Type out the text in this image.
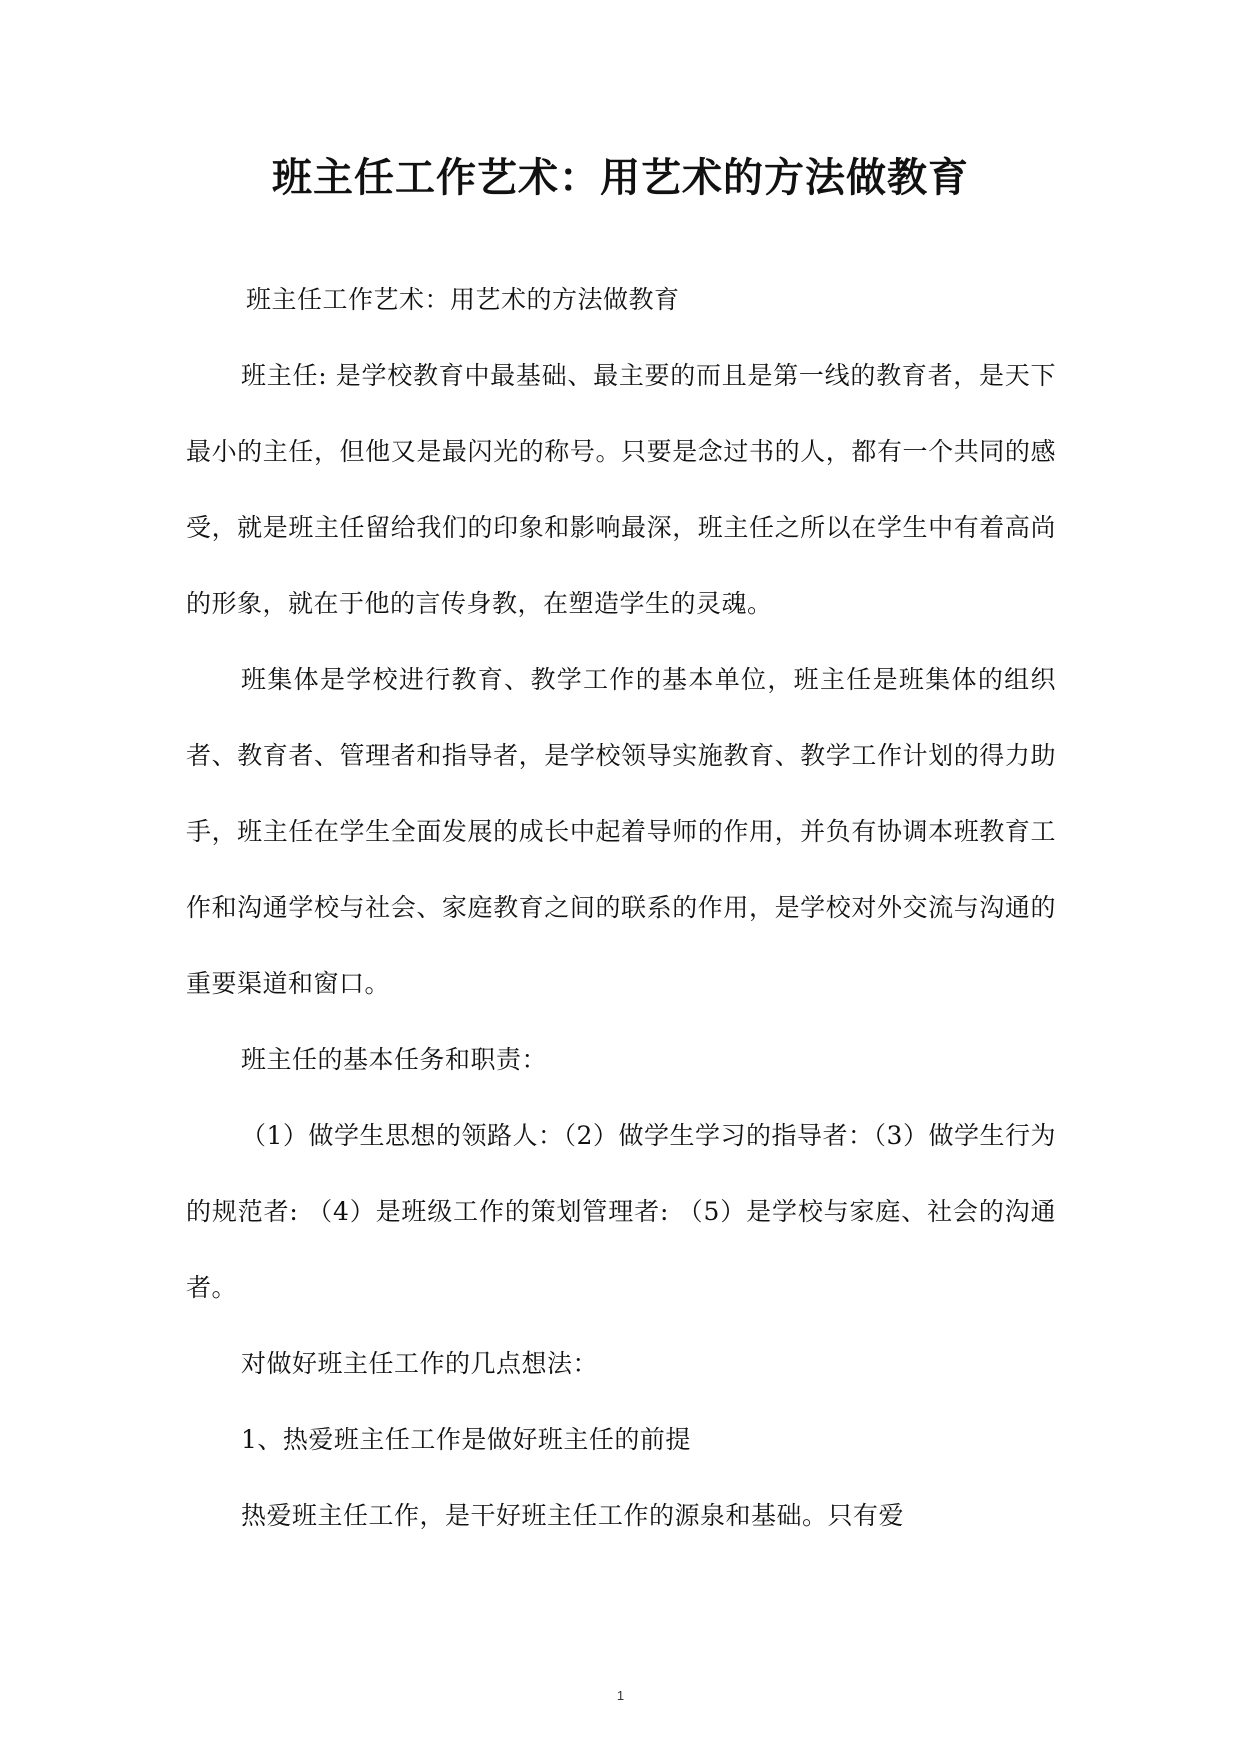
班主任工作艺术：用艺术的方法做教育

班主任工作艺术：用艺术的方法做教育

班主任: 是学校教育中最基础、最主要的而且是第一线的教育者，是天下最小的主任，但他又是最闪光的称号。只要是念过书的人，都有一个共同的感受，就是班主任留给我们的印象和影响最深，班主任之所以在学生中有着高尚的形象，就在于他的言传身教，在塑造学生的灵魂。

班集体是学校进行教育、教学工作的基本单位，班主任是班集体的组织者、教育者、管理者和指导者，是学校领导实施教育、教学工作计划的得力助手，班主任在学生全面发展的成长中起着导师的作用，并负有协调本班教育工作和沟通学校与社会、家庭教育之间的联系的作用，是学校对外交流与沟通的重要渠道和窗口。

班主任的基本任务和职责：

（1）做学生思想的领路人：（2）做学生学习的指导者：（3）做学生行为的规范者: （4）是班级工作的策划管理者: （5）是学校与家庭、社会的沟通者。

对做好班主任工作的几点想法：

1、热爱班主任工作是做好班主任的前提

热爱班主任工作，是干好班主任工作的源泉和基础。只有爱

1
